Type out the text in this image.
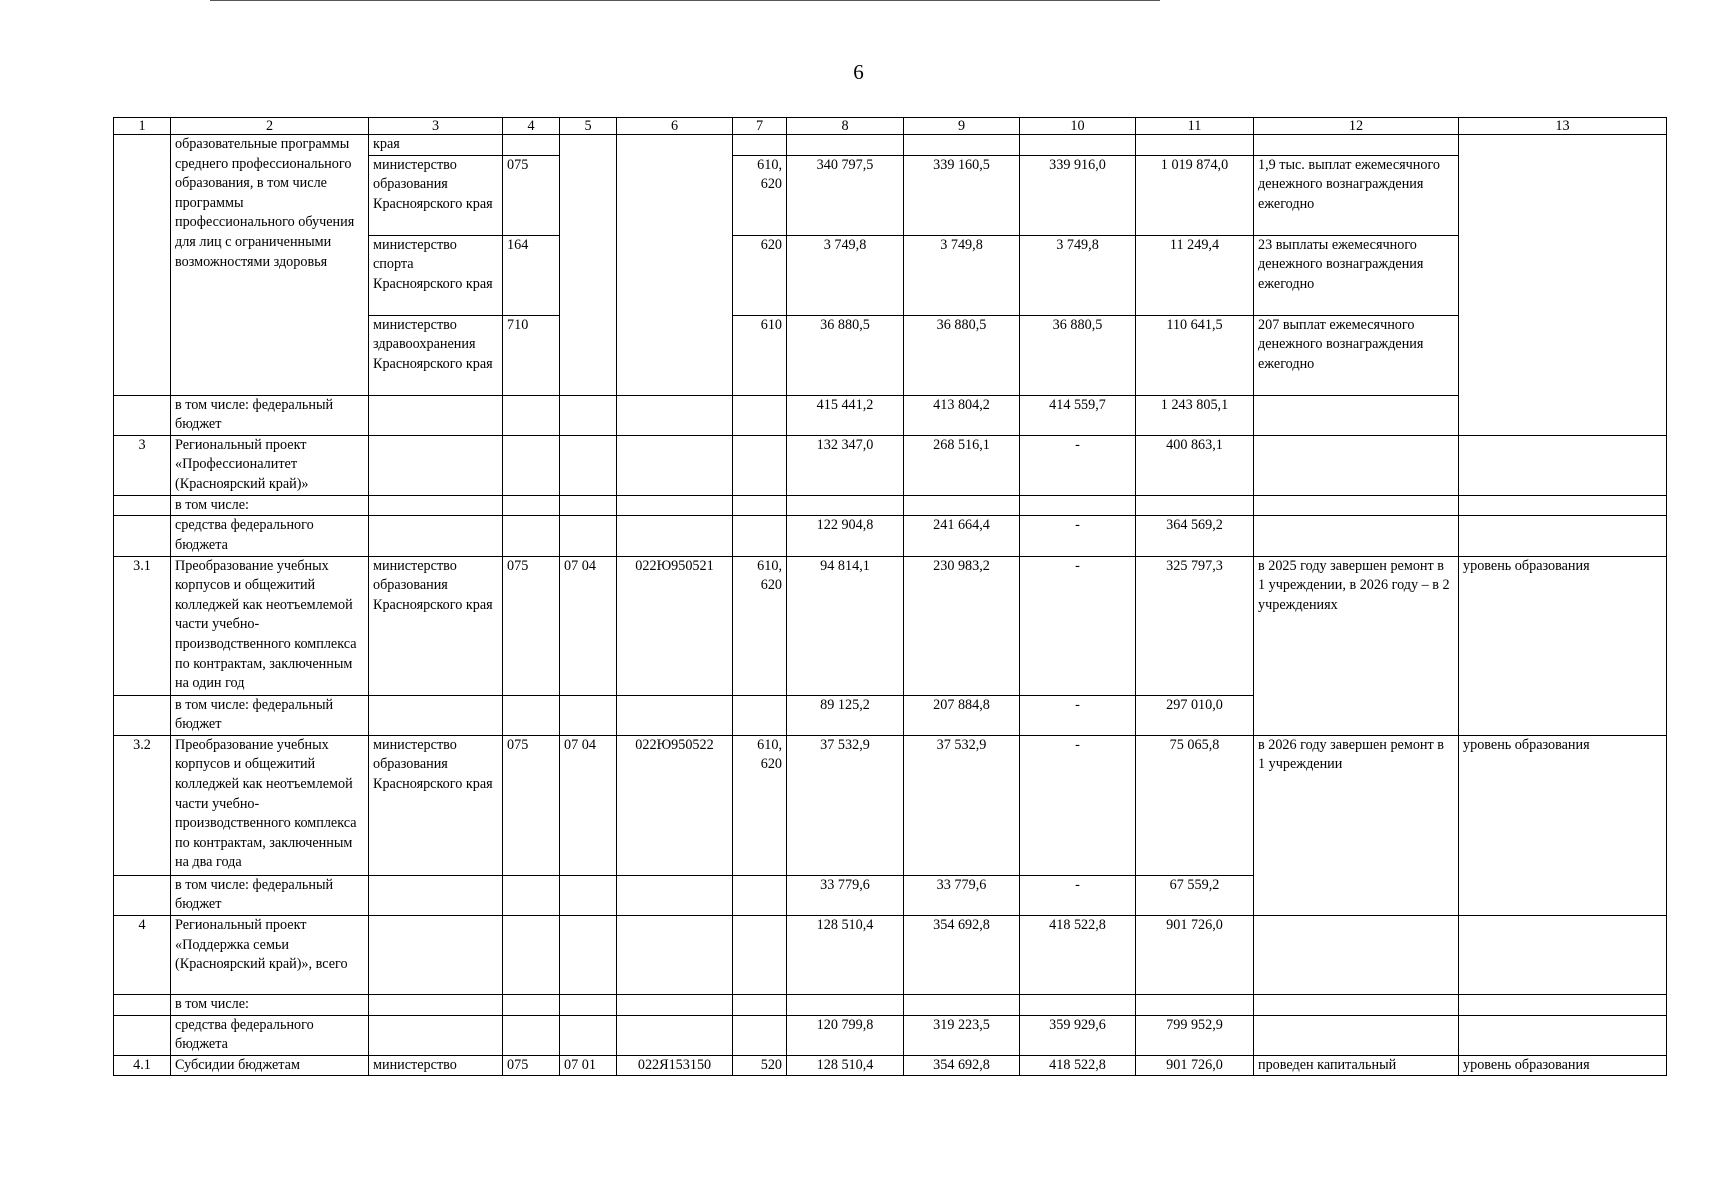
6
1	2	3	4	5	6	7	8	9	10	11	12	13
	образовательные программы среднего профессионального образования, в том числе программы профессионального обучения для лиц с ограниченными возможностями здоровья	края										
		министерство образования Красноярского края	075			610, 620	340 797,5	339 160,5	339 916,0	1 019 874,0	1,9 тыс. выплат ежемесячного денежного вознаграждения ежегодно	
		министерство спорта Красноярского края	164			620	3 749,8	3 749,8	3 749,8	11 249,4	23 выплаты ежемесячного денежного вознаграждения ежегодно	
		министерство здравоохранения Красноярского края	710			610	36 880,5	36 880,5	36 880,5	110 641,5	207 выплат ежемесячного денежного вознаграждения ежегодно	
	в том числе: федеральный бюджет						415 441,2	413 804,2	414 559,7	1 243 805,1		
3	Региональный проект «Профессионалитет (Красноярский край)»						132 347,0	268 516,1	-	400 863,1		
	в том числе:											
	средства федерального бюджета						122 904,8	241 664,4	-	364 569,2		
3.1	Преобразование учебных корпусов и общежитий колледжей как неотъемлемой части учебно-производственного комплекса по контрактам, заключенным на один год	министерство образования Красноярского края	075	07 04	022Ю950521	610, 620	94 814,1	230 983,2	-	325 797,3	в 2025 году завершен ремонт в 1 учреждении, в 2026 году – в 2 учреждениях	уровень образования
	в том числе: федеральный бюджет						89 125,2	207 884,8	-	297 010,0		
3.2	Преобразование учебных корпусов и общежитий колледжей как неотъемлемой части учебно-производственного комплекса по контрактам, заключенным на два года	министерство образования Красноярского края	075	07 04	022Ю950522	610, 620	37 532,9	37 532,9	-	75 065,8	в 2026 году завершен ремонт в 1 учреждении	уровень образования
	в том числе: федеральный бюджет						33 779,6	33 779,6	-	67 559,2		
4	Региональный проект «Поддержка семьи (Красноярский край)», всего						128 510,4	354 692,8	418 522,8	901 726,0		
	в том числе:											
	средства федерального бюджета						120 799,8	319 223,5	359 929,6	799 952,9		
4.1	Субсидии бюджетам	министерство	075	07 01	022Я153150	520	128 510,4	354 692,8	418 522,8	901 726,0	проведен капитальный	уровень образования
